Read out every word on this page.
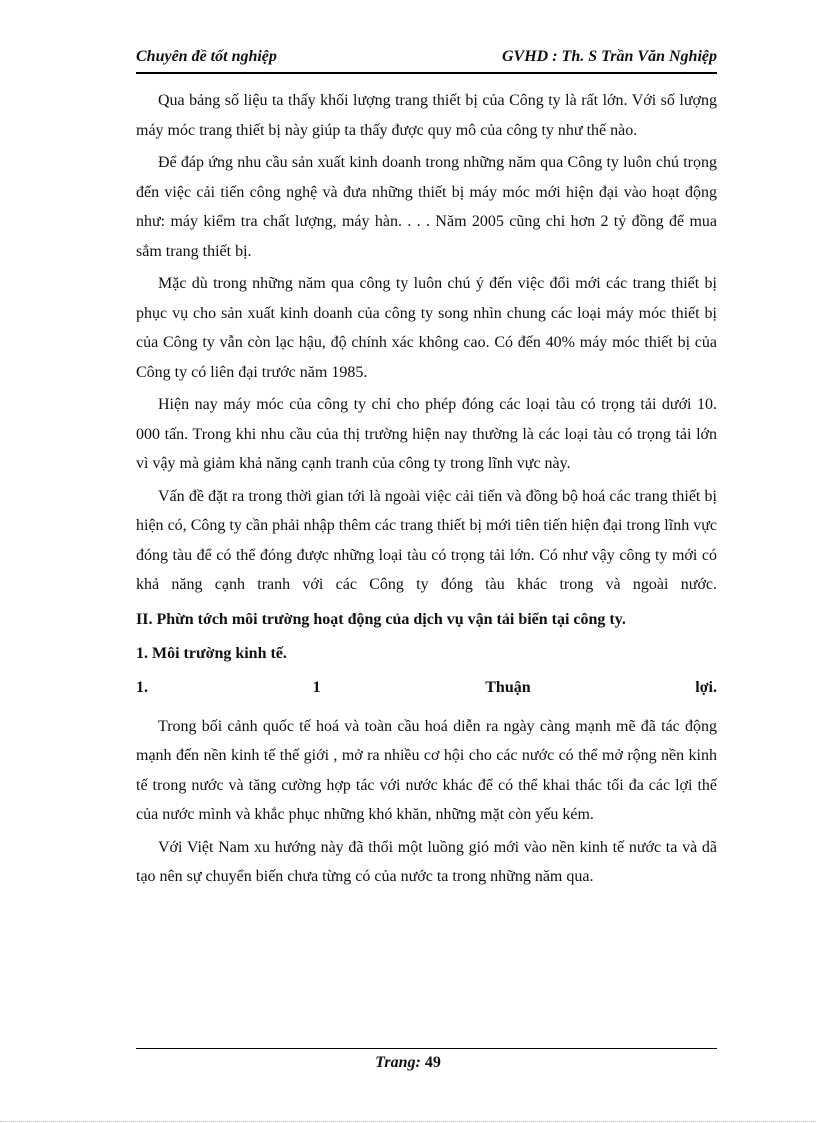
Chuyên đề tốt nghiệp	GVHD : Th. S Trần Văn Nghiệp

Qua bảng số liệu ta thấy khối lượng trang thiết bị của Công ty là rất lớn. Với số lượng máy móc trang thiết bị này giúp ta thấy được quy mô của công ty như thế nào.

Để đáp ứng nhu cầu sản xuất kinh doanh trong những năm qua Công ty luôn chú trọng đến việc cải tiến công nghệ và đưa những thiết bị máy móc mới hiện đại vào hoạt động như: máy kiểm tra chất lượng, máy hàn. . . . Năm 2005 cũng chi hơn 2 tỷ đồng để mua sắm trang thiết bị.

Mặc dù trong những năm qua công ty luôn chú ý đến việc đổi mới các trang thiết bị phục vụ cho sản xuất kinh doanh của công ty song nhìn chung các loại máy móc thiết bị của Công ty vẫn còn lạc hậu, độ chính xác không cao. Có đến 40% máy móc thiết bị của Công ty có liên đại trước năm 1985.

Hiện nay máy móc của công ty chỉ cho phép đóng các loại tàu có trọng tải dưới 10. 000 tấn. Trong khi nhu cầu của thị trường hiện nay thường là các loại tàu có trọng tải lớn vì vậy mà giảm khả năng cạnh tranh của công ty trong lĩnh vực này.

Vấn đề đặt ra trong thời gian tới là ngoài việc cải tiến và đồng bộ hoá các trang thiết bị hiện có, Công ty cần phải nhập thêm các trang thiết bị mới tiên tiến hiện đại trong lĩnh vực đóng tàu để có thể đóng được những loại tàu có trọng tải lớn. Có như vậy công ty mới có khả năng cạnh tranh với các Công ty đóng tàu khác trong và ngoài nước.

II. Phừn tớch môi trường hoạt động của dịch vụ vận tải biển tại công ty.

1. Môi trường kinh tế.

1.	1	Thuận	lợi.

Trong bối cảnh quốc tế hoá và toàn cầu hoá diễn ra ngày càng mạnh mẽ đã tác động mạnh đến nền kinh tế thế giới , mở ra nhiều cơ hội cho các nước có thể mở rộng nền kinh tế trong nước và tăng cường hợp tác với nước khác để có thể khai thác tối đa các lợi thế của nước mình và khắc phục những khó khăn, những mặt còn yếu kém.

Với Việt Nam xu hướng này đã thổi một luồng gió mới vào nền kinh tế nước ta và dã tạo nên sự chuyển biến chưa từng có của nước ta trong những năm qua.

Trang: 49
